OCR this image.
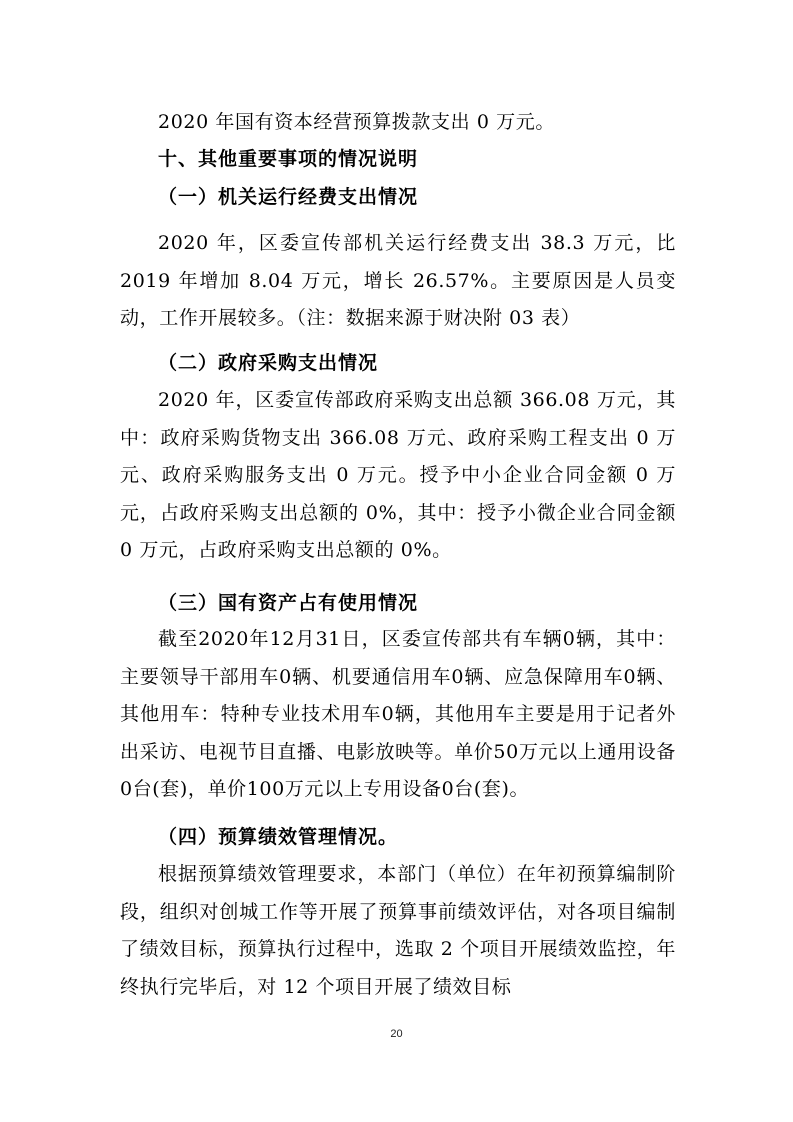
2020 年国有资本经营预算拨款支出 0 万元。

十、其他重要事项的情况说明

（一）机关运行经费支出情况

2020 年，区委宣传部机关运行经费支出 38.3 万元，比 2019 年增加 8.04 万元，增长 26.57%。主要原因是人员变动，工作开展较多。（注：数据来源于财决附 03 表）

（二）政府采购支出情况

2020 年，区委宣传部政府采购支出总额 366.08 万元，其中：政府采购货物支出 366.08 万元、政府采购工程支出 0 万元、政府采购服务支出 0 万元。授予中小企业合同金额 0 万元，占政府采购支出总额的 0%，其中：授予小微企业合同金额 0 万元，占政府采购支出总额的 0%。

（三）国有资产占有使用情况

截至2020年12月31日，区委宣传部共有车辆0辆，其中：主要领导干部用车0辆、机要通信用车0辆、应急保障用车0辆、其他用车：特种专业技术用车0辆，其他用车主要是用于记者外出采访、电视节目直播、电影放映等。单价50万元以上通用设备0台(套)，单价100万元以上专用设备0台(套)。

（四）预算绩效管理情况。

根据预算绩效管理要求，本部门（单位）在年初预算编制阶段，组织对创城工作等开展了预算事前绩效评估，对各项目编制了绩效目标，预算执行过程中，选取 2 个项目开展绩效监控，年终执行完毕后，对 12 个项目开展了绩效目标

20
